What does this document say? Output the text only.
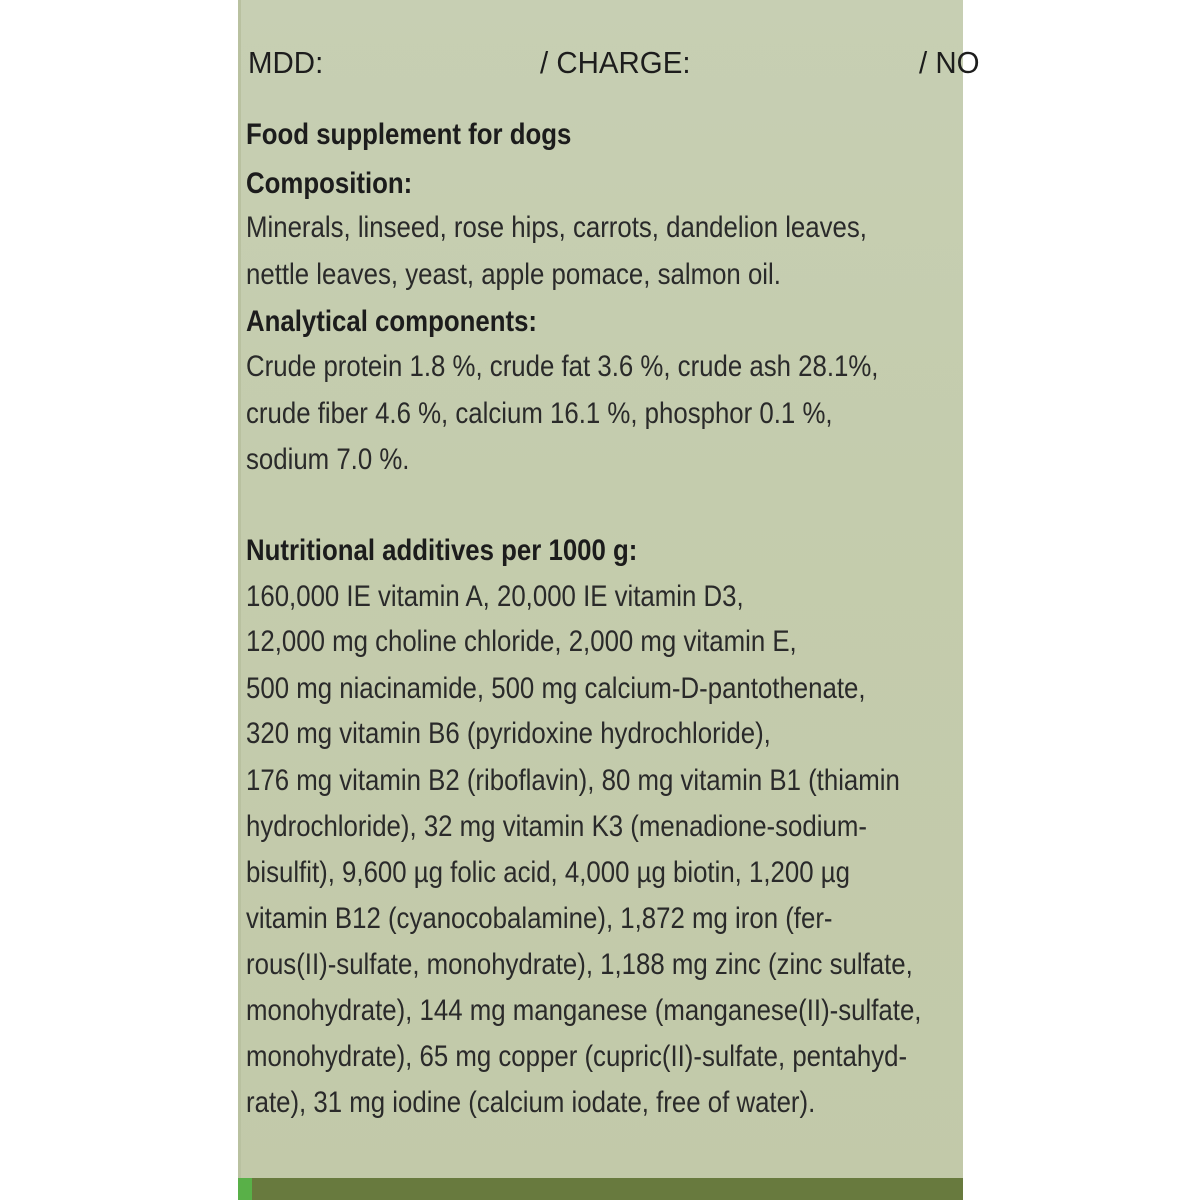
MDD:	/ CHARGE:	/ NO
Food supplement for dogs
Composition:
Minerals, linseed, rose hips, carrots, dandelion leaves,
nettle leaves, yeast, apple pomace, salmon oil.
Analytical components:
Crude protein 1.8 %, crude fat 3.6 %, crude ash 28.1%,
crude fiber 4.6 %, calcium 16.1 %, phosphor 0.1 %,
sodium 7.0 %.
Nutritional additives per 1000 g:
160,000 IE vitamin A, 20,000 IE vitamin D3,
12,000 mg choline chloride, 2,000 mg vitamin E,
500 mg niacinamide, 500 mg calcium-D-pantothenate,
320 mg vitamin B6 (pyridoxine hydrochloride),
176 mg vitamin B2 (riboflavin), 80 mg vitamin B1 (thiamin
hydrochloride), 32 mg vitamin K3 (menadione-sodium-
bisulfit), 9,600 µg folic acid, 4,000 µg biotin, 1,200 µg
vitamin B12 (cyanocobalamine), 1,872 mg iron (fer-
rous(II)-sulfate, monohydrate), 1,188 mg zinc (zinc sulfate,
monohydrate), 144 mg manganese (manganese(II)-sulfate,
monohydrate), 65 mg copper (cupric(II)-sulfate, pentahyd-
rate), 31 mg iodine (calcium iodate, free of water).
